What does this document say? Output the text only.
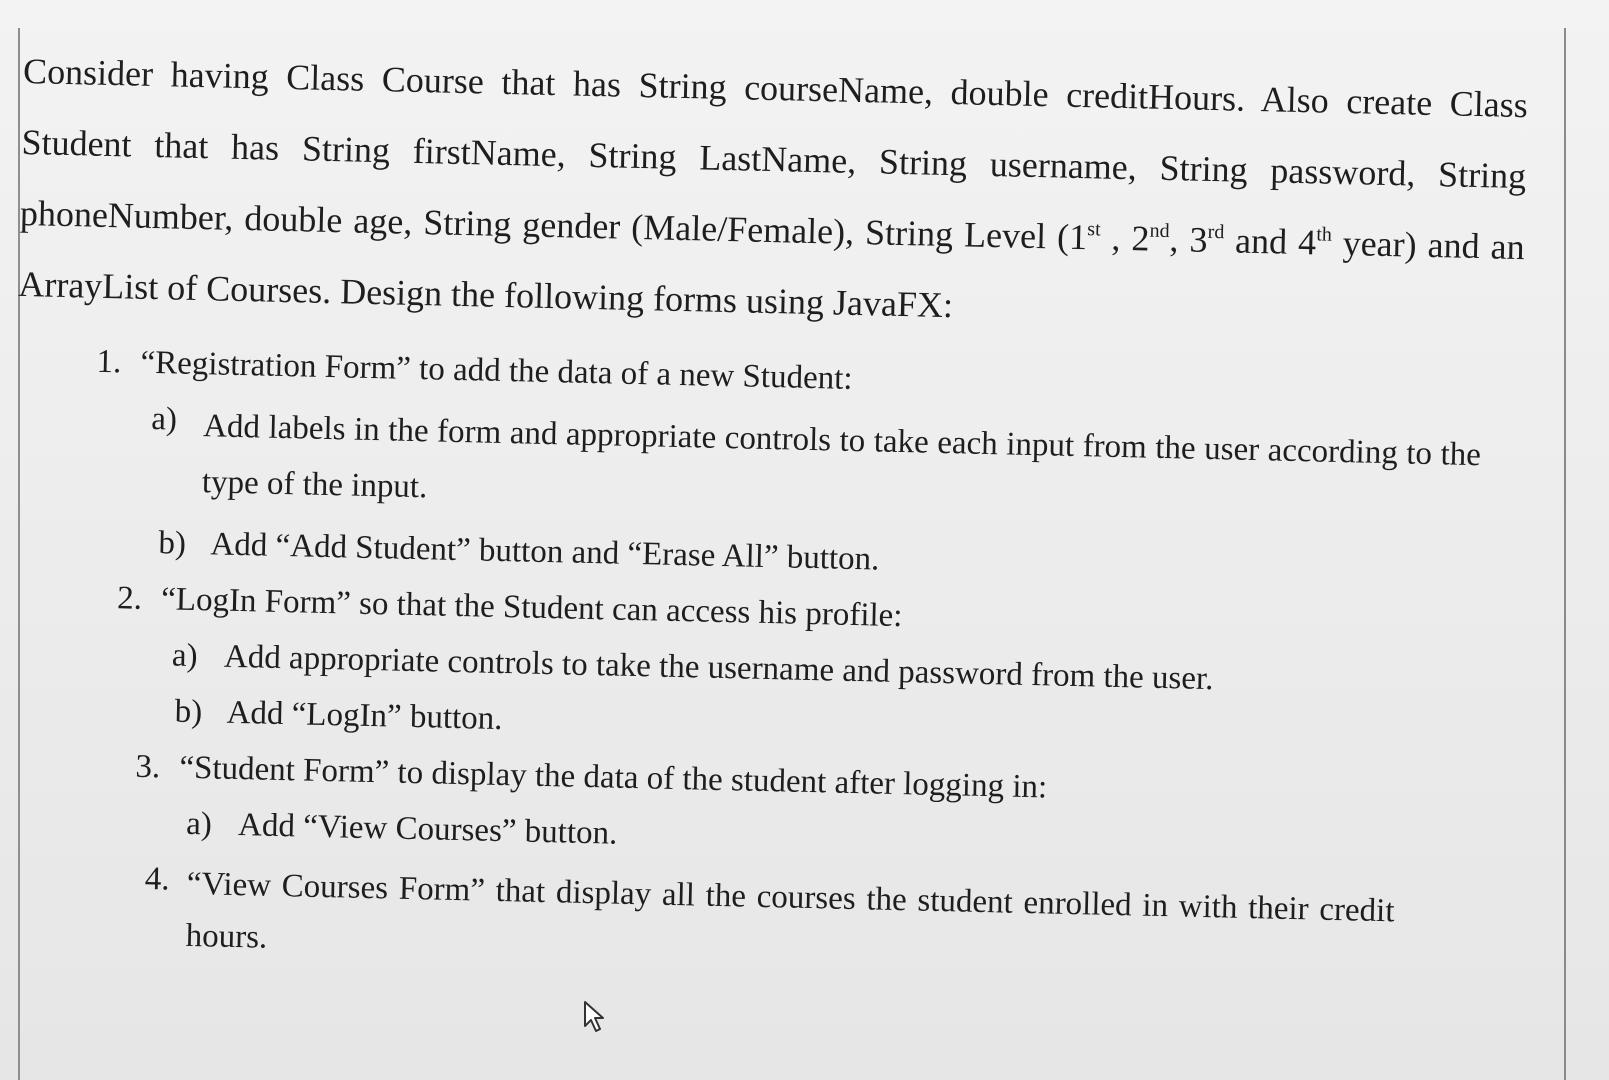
Consider having Class Course that has String courseName, double creditHours. Also create Class Student that has String firstName, String LastName, String username, String password, String phoneNumber, double age, String gender (Male/Female), String Level (1st , 2nd, 3rd and 4th year) and an ArrayList of Courses. Design the following forms using JavaFX:

1. “Registration Form” to add the data of a new Student:
a) Add labels in the form and appropriate controls to take each input from the user according to the type of the input.
b) Add “Add Student” button and “Erase All” button.
2. “LogIn Form” so that the Student can access his profile:
a) Add appropriate controls to take the username and password from the user.
b) Add “LogIn” button.
3. “Student Form” to display the data of the student after logging in:
a) Add “View Courses” button.
4. “View Courses Form” that display all the courses the student enrolled in with their credit hours.
